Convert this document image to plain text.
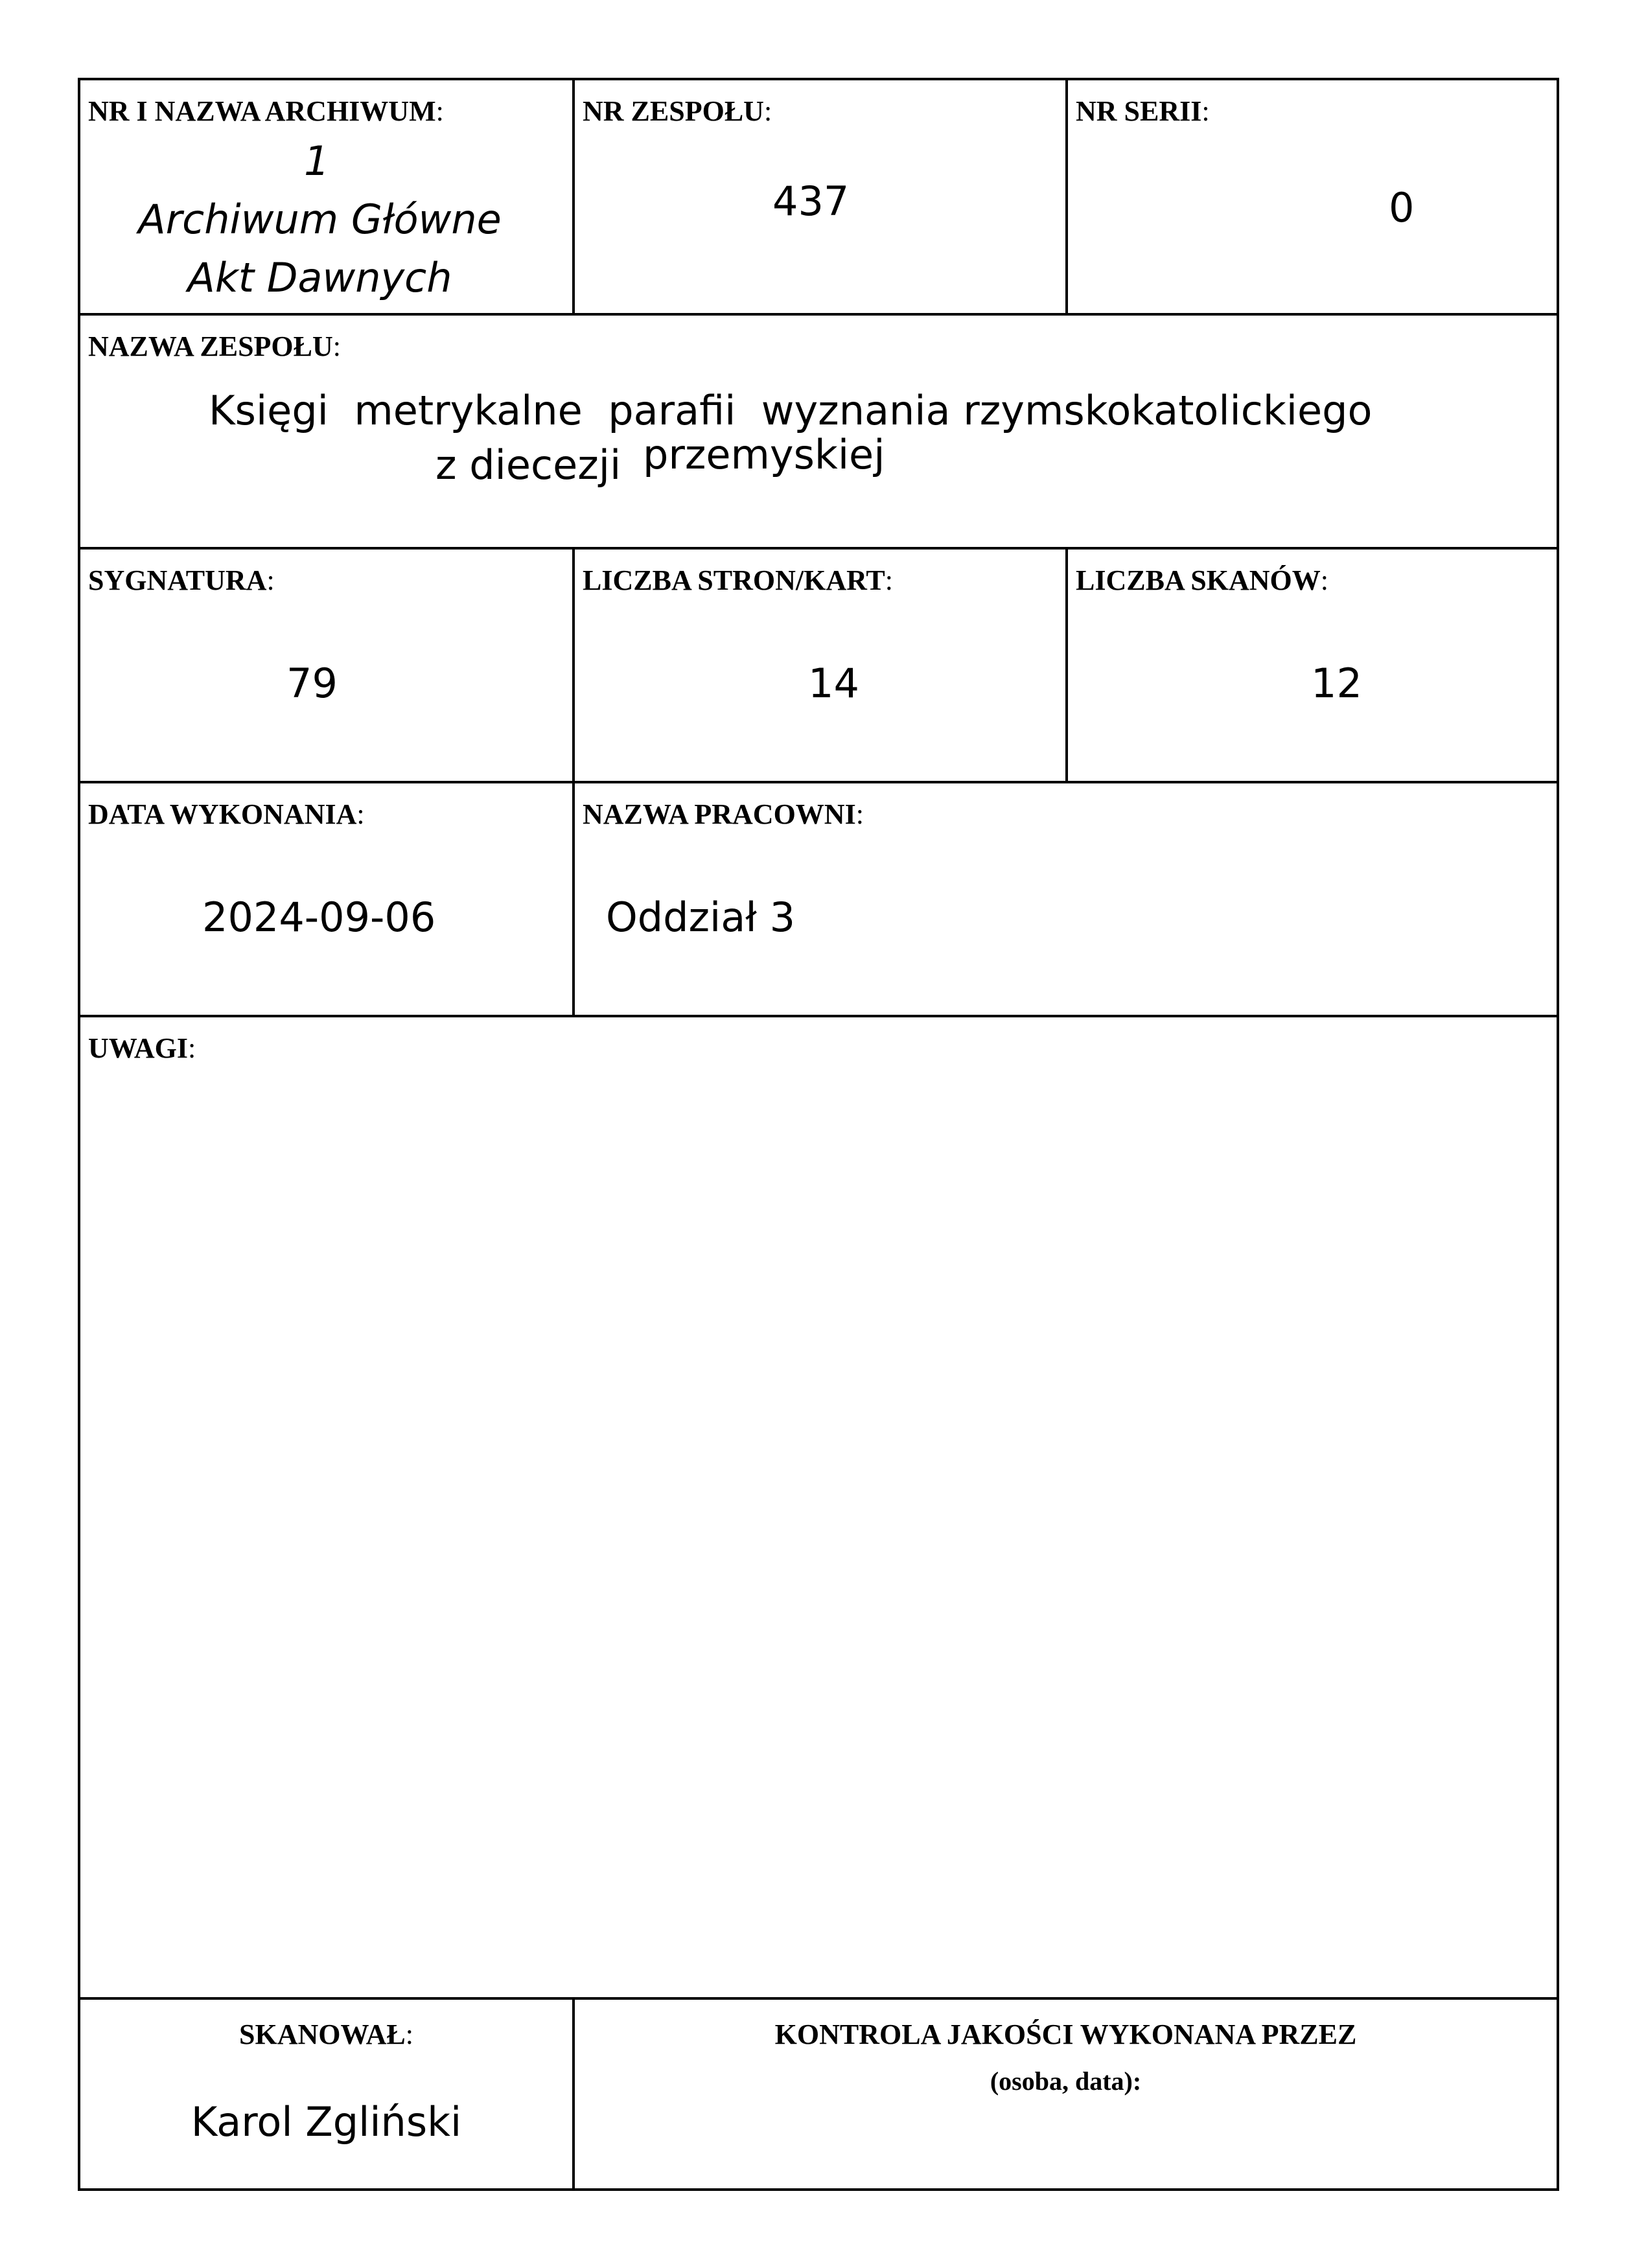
NR I NAZWA ARCHIWUM:
1
Archiwum Główne
Akt Dawnych
NR ZESPOŁU:
437
NR SERII:
0
NAZWA ZESPOŁU:
Księgi  metrykalne  parafii  wyznania rzymskokatolickiego
z diecezji przemyskiej
SYGNATURA:
79
LICZBA STRON/KART:
14
LICZBA SKANÓW:
12
DATA WYKONANIA:
2024-09-06
NAZWA PRACOWNI:
Oddział 3
UWAGI:
SKANOWAŁ:
Karol Zgliński
KONTROLA JAKOŚCI WYKONANA PRZEZ
(osoba, data):
